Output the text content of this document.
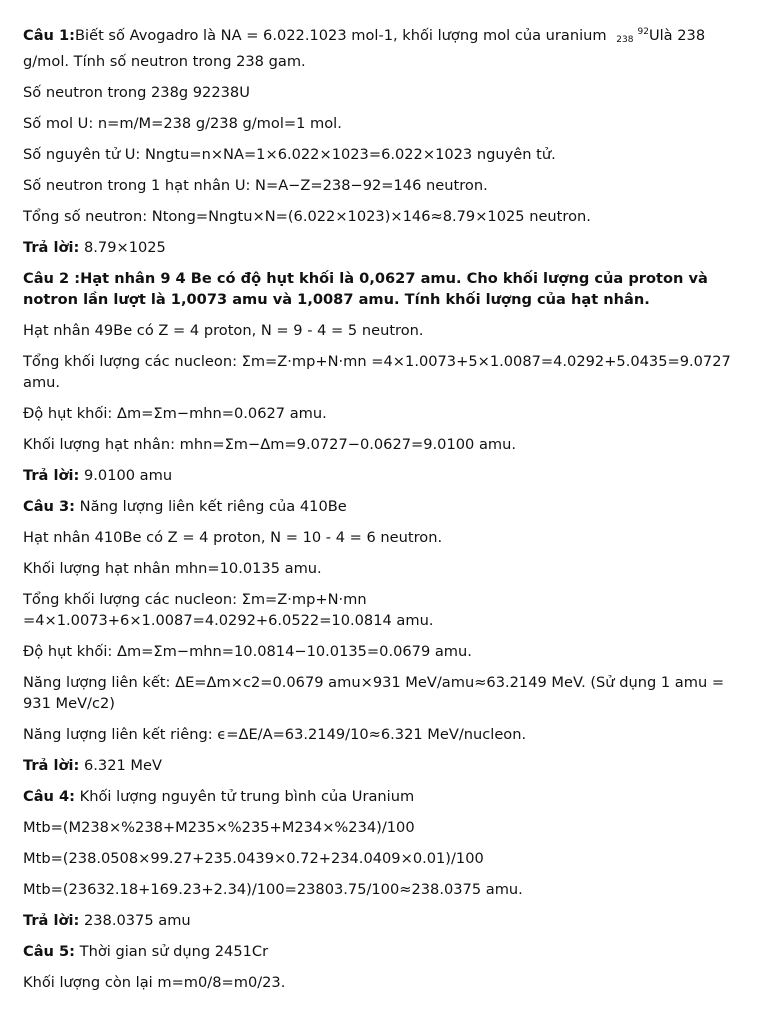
Câu 1:Biết số Avogadro là NA = 6.022.1023 mol-1, khối lượng mol của uranium $_{238}^{92}$Ulà 238 g/mol. Tính số neutron trong 238 gam.
Số neutron trong 238g 92238U
Số mol U: n=m/M=238 g/238 g/mol=1 mol.
Số nguyên tử U: Nngtu=n×NA=1×6.022×1023=6.022×1023 nguyên tử.
Số neutron trong 1 hạt nhân U: N=A−Z=238−92=146 neutron.
Tổng số neutron: Ntong=Nngtu×N=(6.022×1023)×146≈8.79×1025 neutron.
Trả lời: 8.79×1025
Câu 2 :Hạt nhân 9 4 Be có độ hụt khối là 0,0627 amu. Cho khối lượng của proton và notron lần lượt là 1,0073 amu và 1,0087 amu. Tính khối lượng của hạt nhân.
Hạt nhân 49Be có Z = 4 proton, N = 9 - 4 = 5 neutron.
Tổng khối lượng các nucleon: Σm=Z⋅mp+N⋅mn =4×1.0073+5×1.0087=4.0292+5.0435=9.0727 amu.
Độ hụt khối: Δm=Σm−mhn=0.0627 amu.
Khối lượng hạt nhân: mhn=Σm−Δm=9.0727−0.0627=9.0100 amu.
Trả lời: 9.0100 amu
Câu 3: Năng lượng liên kết riêng của 410Be
Hạt nhân 410Be có Z = 4 proton, N = 10 - 4 = 6 neutron.
Khối lượng hạt nhân mhn=10.0135 amu.
Tổng khối lượng các nucleon: Σm=Z⋅mp+N⋅mn =4×1.0073+6×1.0087=4.0292+6.0522=10.0814 amu.
Độ hụt khối: Δm=Σm−mhn=10.0814−10.0135=0.0679 amu.
Năng lượng liên kết: ΔE=Δm×c2=0.0679 amu×931 MeV/amu≈63.2149 MeV. (Sử dụng 1 amu = 931 MeV/c2)
Năng lượng liên kết riêng: ϵ=ΔE/A=63.2149/10≈6.321 MeV/nucleon.
Trả lời: 6.321 MeV
Câu 4: Khối lượng nguyên tử trung bình của Uranium
Mtb=(M238×%238+M235×%235+M234×%234)/100
Mtb=(238.0508×99.27+235.0439×0.72+234.0409×0.01)/100
Mtb=(23632.18+169.23+2.34)/100=23803.75/100≈238.0375 amu.
Trả lời: 238.0375 amu
Câu 5: Thời gian sử dụng 2451Cr
Khối lượng còn lại m=m0/8=m0/23.
